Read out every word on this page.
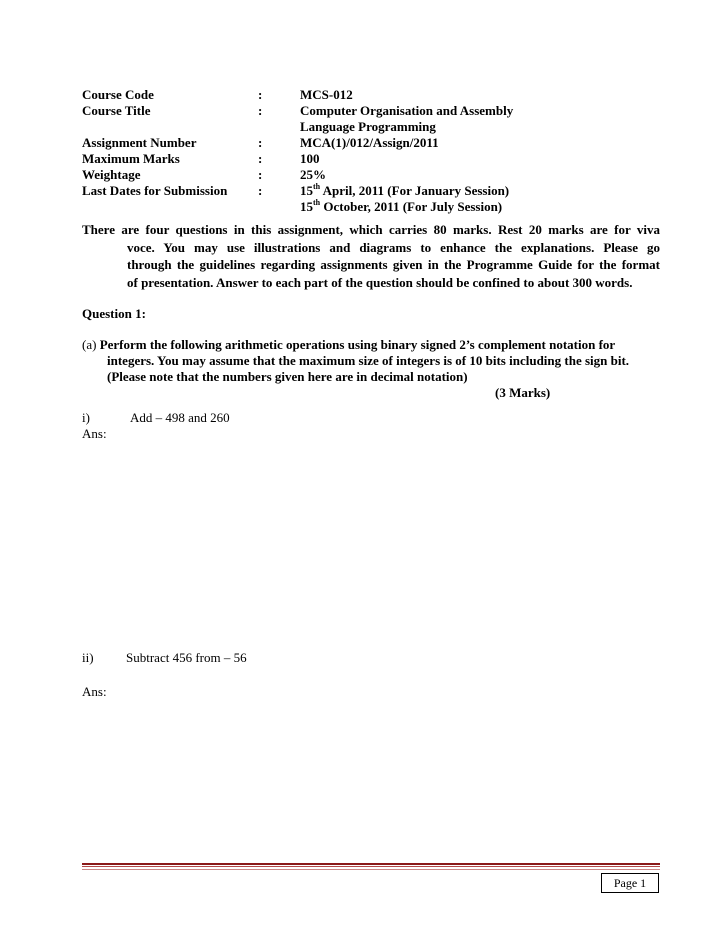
Course Code	:	MCS-012
Course Title	:	Computer Organisation and Assembly
Language Programming
Assignment Number	:	MCA(1)/012/Assign/2011
Maximum Marks	:	100
Weightage	:	25%
Last Dates for Submission :	15th April, 2011 (For January Session)
15th October, 2011 (For July Session)
There are four questions in this assignment, which carries 80 marks. Rest 20 marks are for viva
voce. You may use illustrations and diagrams to enhance the explanations. Please go
through the guidelines regarding assignments given in the Programme Guide for the format
of presentation. Answer to each part of the question should be confined to about 300 words.
Question 1:
(a) Perform the following arithmetic operations using binary signed 2’s complement notation for
integers. You may assume that the maximum size of integers is of 10 bits including the sign bit.
(Please note that the numbers given here are in decimal notation)
(3 Marks)
i)	Add – 498 and 260
Ans:
ii) Subtract 456 from – 56
Ans:
Page 1
